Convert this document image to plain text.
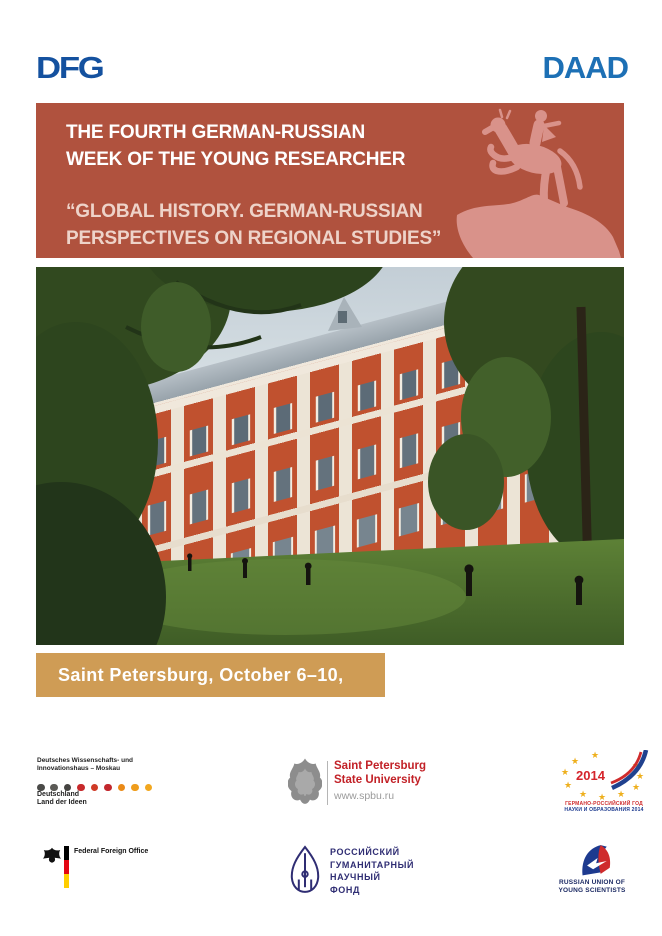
DFG	DAAD
THE FOURTH GERMAN-RUSSIAN
WEEK OF THE YOUNG RESEARCHER
“GLOBAL HISTORY. GERMAN-RUSSIAN
PERSPECTIVES ON REGIONAL STUDIES”
Saint Petersburg, October 6–10, 2014
Deutsches Wissenschafts- und
Innovationshaus – Moskau

Deutschland
Land der Ideen
Federal Foreign Office
Saint Petersburg
State University
www.spbu.ru
РОССИЙСКИЙ
ГУМАНИТАРНЫЙ
НАУЧНЫЙ
ФОНД
★
★
★
★
★ ★ ★
★
★
★
2014
ГЕРМАНО-РОССИЙСКИЙ ГОД
НАУКИ И ОБРАЗОВАНИЯ 2014
RUSSIAN UNION OF
YOUNG SCIENTISTS
